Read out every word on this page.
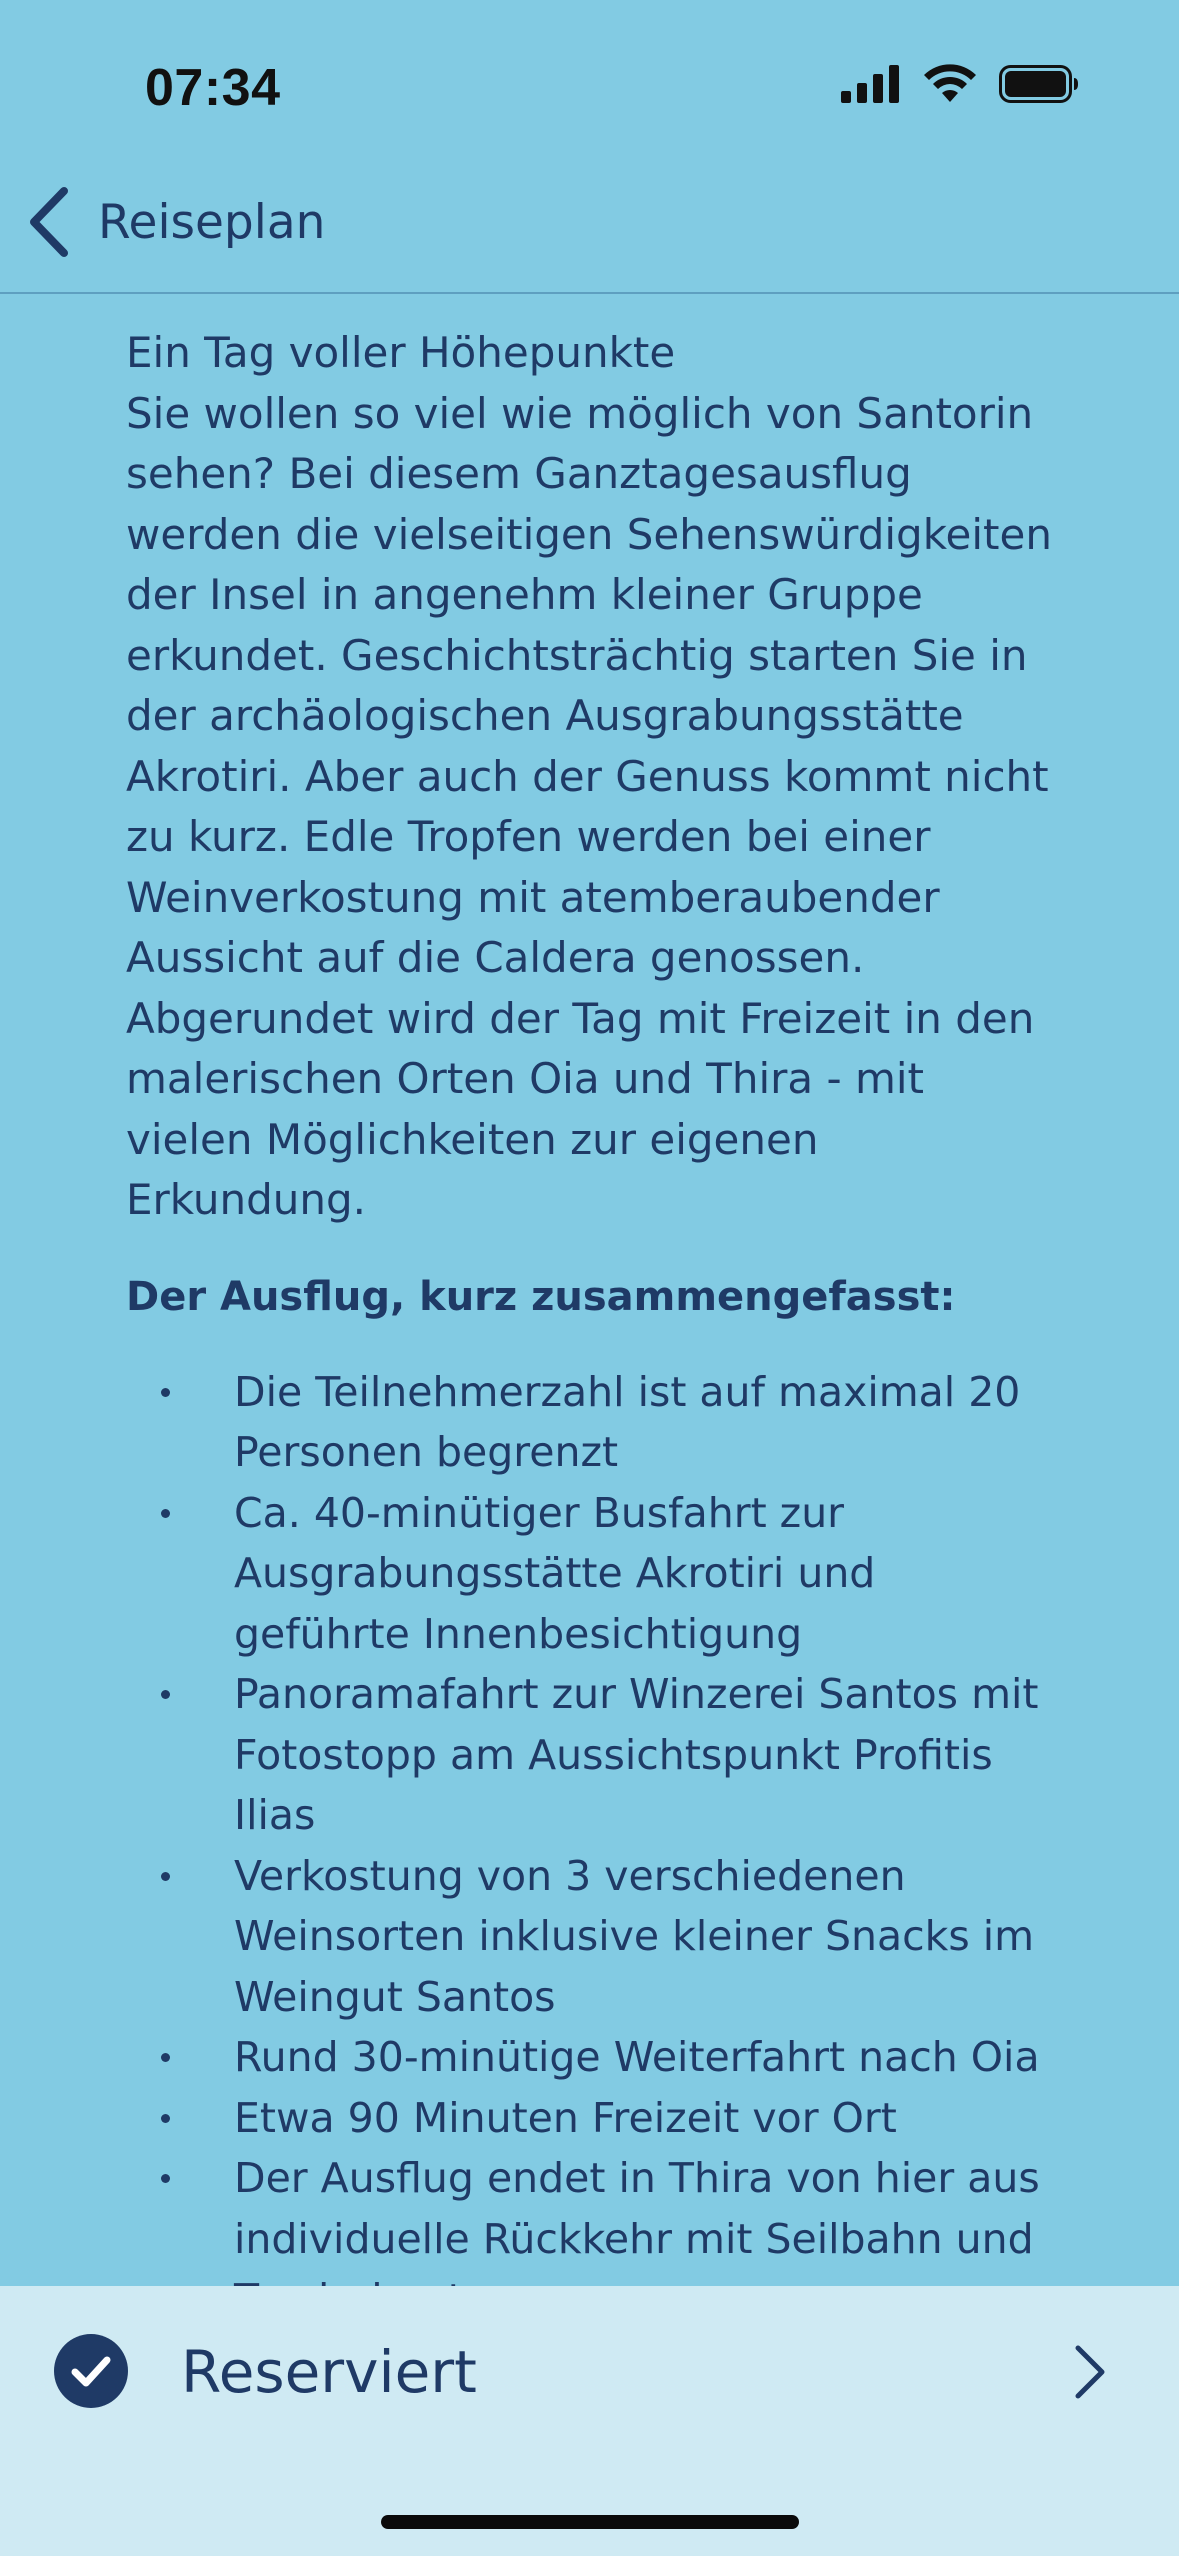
07:34
Reiseplan
Ein Tag voller Höhepunkte
Sie wollen so viel wie möglich von Santorin sehen? Bei diesem Ganztagesausflug werden die vielseitigen Sehenswürdigkeiten der Insel in angenehm kleiner Gruppe erkundet. Geschichtsträchtig starten Sie in der archäologischen Ausgrabungsstätte Akrotiri. Aber auch der Genuss kommt nicht zu kurz. Edle Tropfen werden bei einer Weinverkostung mit atemberaubender Aussicht auf die Caldera genossen. Abgerundet wird der Tag mit Freizeit in den malerischen Orten Oia und Thira - mit vielen Möglichkeiten zur eigenen Erkundung.
Der Ausflug, kurz zusammengefasst:
Die Teilnehmerzahl ist auf maximal 20 Personen begrenzt
Ca. 40-minütiger Busfahrt zur Ausgrabungsstätte Akrotiri und geführte Innenbesichtigung
Panoramafahrt zur Winzerei Santos mit Fotostopp am Aussichtspunkt Profitis Ilias
Verkostung von 3 verschiedenen Weinsorten inklusive kleiner Snacks im Weingut Santos
Rund 30-minütige Weiterfahrt nach Oia
Etwa 90 Minuten Freizeit vor Ort
Der Ausflug endet in Thira von hier aus individuelle Rückkehr mit Seilbahn und
Reserviert
